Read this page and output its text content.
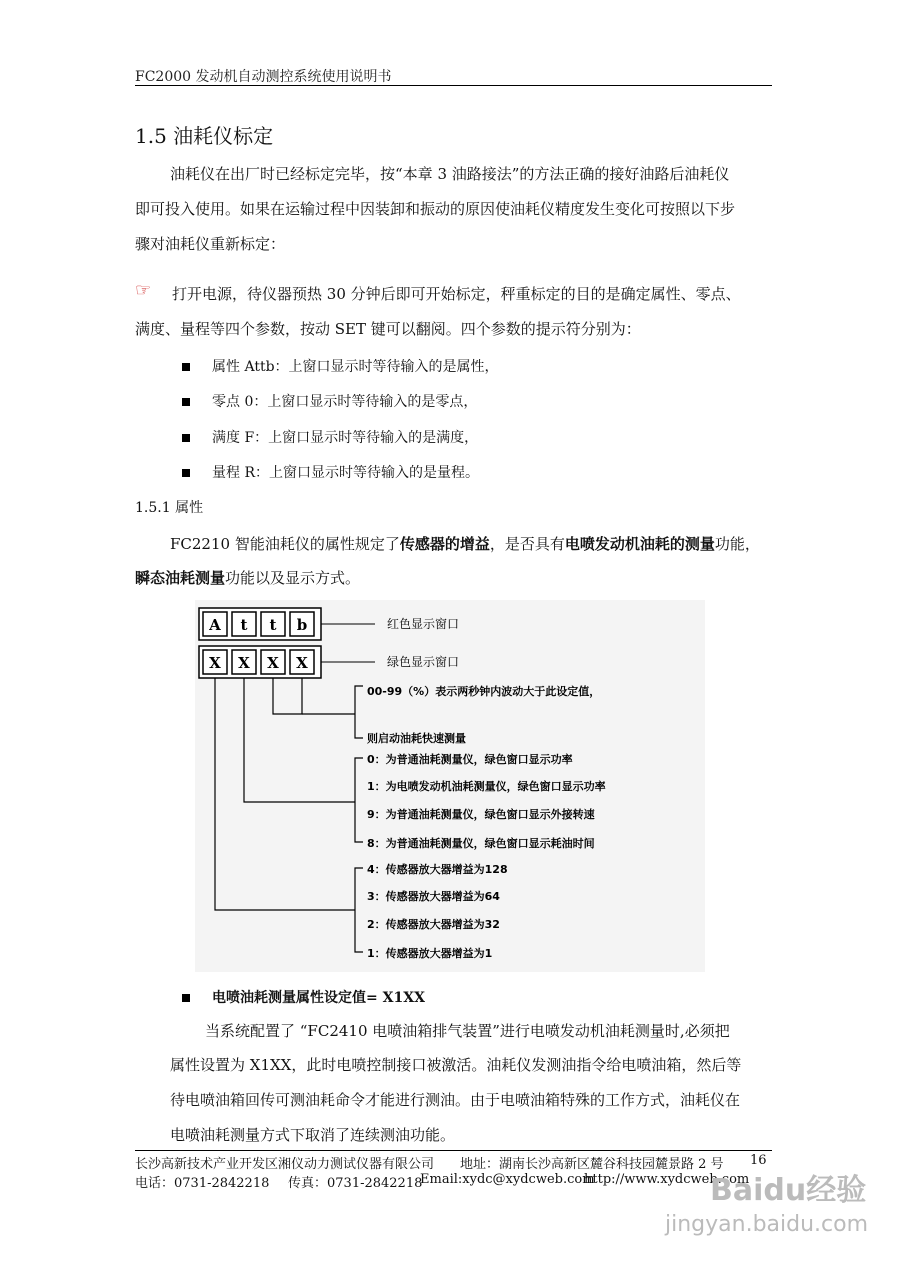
FC2000 发动机自动测控系统使用说明书
1.5 油耗仪标定
油耗仪在出厂时已经标定完毕，按“本章 3 油路接法”的方法正确的接好油路后油耗仪
即可投入使用。如果在运输过程中因装卸和振动的原因使油耗仪精度发生变化可按照以下步
骤对油耗仪重新标定：
☞ 打开电源，待仪器预热 30 分钟后即可开始标定，秤重标定的目的是确定属性、零点、
满度、量程等四个参数，按动 SET 键可以翻阅。四个参数的提示符分别为：
属性 Attb：上窗口显示时等待输入的是属性，
零点 0：上窗口显示时等待输入的是零点，
满度 F：上窗口显示时等待输入的是满度，
量程 R：上窗口显示时等待输入的是量程。
1.5.1 属性
FC2210 智能油耗仪的属性规定了传感器的增益，是否具有电喷发动机油耗的测量功能，
瞬态油耗测量功能以及显示方式。
A t t b	红色显示窗口
X X X X	绿色显示窗口
00-99（%）表示两秒钟内波动大于此设定值，
则启动油耗快速测量
0：为普通油耗测量仪，绿色窗口显示功率
1：为电喷发动机油耗测量仪，绿色窗口显示功率
9：为普通油耗测量仪，绿色窗口显示外接转速
8：为普通油耗测量仪，绿色窗口显示耗油时间
4：传感器放大器增益为128
3：传感器放大器增益为64
2：传感器放大器增益为32
1：传感器放大器增益为1
电喷油耗测量属性设定值= X1XX
当系统配置了 “FC2410 电喷油箱排气装置”进行电喷发动机油耗测量时,必须把
属性设置为 X1XX，此时电喷控制接口被激活。油耗仪发测油指令给电喷油箱，然后等
待电喷油箱回传可测油耗命令才能进行测油。由于电喷油箱特殊的工作方式，油耗仪在
电喷油耗测量方式下取消了连续测油功能。
长沙高新技术产业开发区湘仪动力测试仪器有限公司 地址：湖南长沙高新区麓谷科技园麓景路 2 号 16
电话：0731-2842218 传真：0731-2842218
Email:xydc@xydcweb.com
http://www.xydcweb.com
Baidu经验
jingyan.baidu.com
